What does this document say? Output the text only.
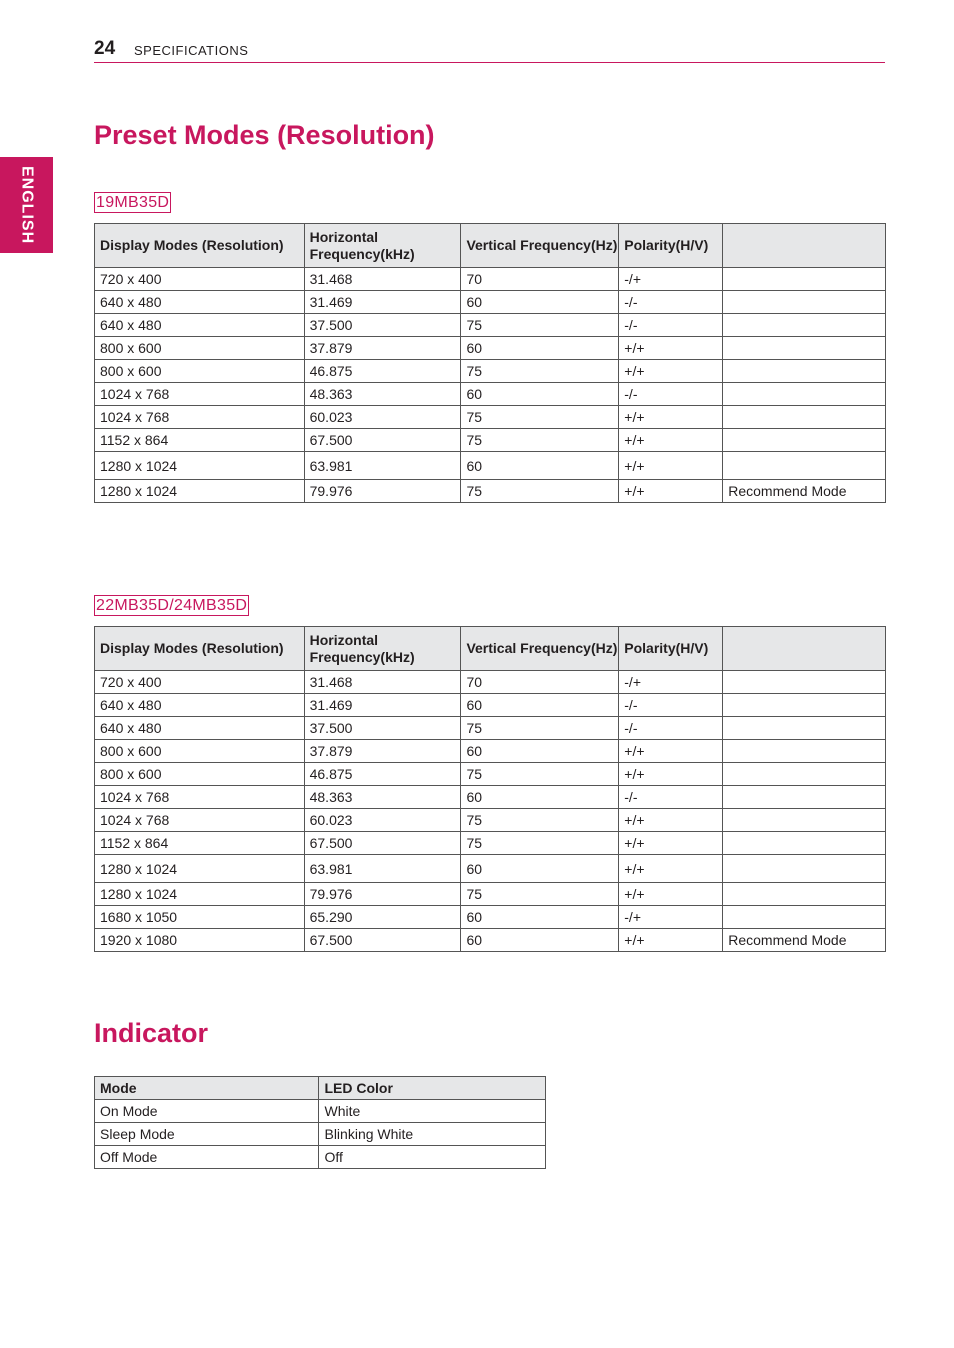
24 SPECIFICATIONS
ENGLISH
Preset Modes (Resolution)
19MB35D
Display Modes (Resolution)	Horizontal Frequency(kHz)	Vertical Frequency(Hz)	Polarity(H/V)	
720 x 400	31.468	70	-/+	
640 x 480	31.469	60	-/-	
640 x 480	37.500	75	-/-	
800 x 600	37.879	60	+/+	
800 x 600	46.875	75	+/+	
1024 x 768	48.363	60	-/-	
1024 x 768	60.023	75	+/+	
1152 x 864	67.500	75	+/+	
1280 x 1024	63.981	60	+/+	
1280 x 1024	79.976	75	+/+	Recommend Mode
22MB35D/24MB35D
Display Modes (Resolution)	Horizontal Frequency(kHz)	Vertical Frequency(Hz)	Polarity(H/V)	
720 x 400	31.468	70	-/+	
640 x 480	31.469	60	-/-	
640 x 480	37.500	75	-/-	
800 x 600	37.879	60	+/+	
800 x 600	46.875	75	+/+	
1024 x 768	48.363	60	-/-	
1024 x 768	60.023	75	+/+	
1152 x 864	67.500	75	+/+	
1280 x 1024	63.981	60	+/+	
1280 x 1024	79.976	75	+/+	
1680 x 1050	65.290	60	-/+	
1920 x 1080	67.500	60	+/+	Recommend Mode
Indicator
Mode	LED Color
On Mode	White
Sleep Mode	Blinking White
Off Mode	Off
